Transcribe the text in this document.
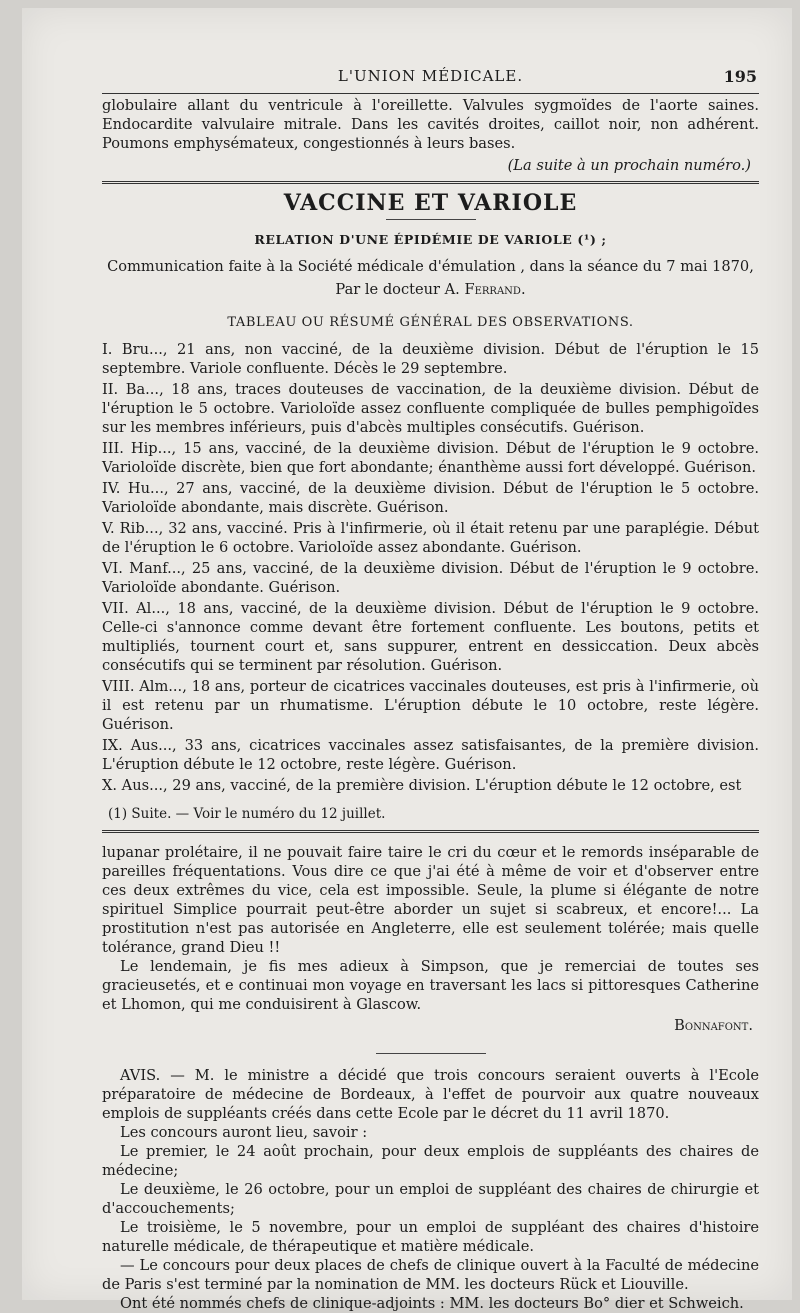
L'UNION MÉDICALE.	195

globulaire allant du ventricule à l'oreillette. Valvules sygmoïdes de l'aorte saines. Endocardite valvulaire mitrale. Dans les cavités droites, caillot noir, non adhérent. Poumons emphysémateux, congestionnés à leurs bases.

(La suite à un prochain numéro.)

VACCINE ET VARIOLE
RELATION D'UNE ÉPIDÉMIE DE VARIOLE (¹) ;
Communication faite à la Société médicale d'émulation , dans la séance du 7 mai 1870,
Par le docteur A. Ferrand.
TABLEAU OU RÉSUMÉ GÉNÉRAL DES OBSERVATIONS.

I. Bru..., 21 ans, non vacciné, de la deuxième division. Début de l'éruption le 15 septembre. Variole confluente. Décès le 29 septembre.

II. Ba..., 18 ans, traces douteuses de vaccination, de la deuxième division. Début de l'éruption le 5 octobre. Varioloïde assez confluente compliquée de bulles pemphigoïdes sur les membres inférieurs, puis d'abcès multiples consécutifs. Guérison.

III. Hip..., 15 ans, vacciné, de la deuxième division. Début de l'éruption le 9 octobre. Varioloïde discrète, bien que fort abondante; énanthème aussi fort développé. Guérison.

IV. Hu..., 27 ans, vacciné, de la deuxième division. Début de l'éruption le 5 octobre. Varioloïde abondante, mais discrète. Guérison.

V. Rib..., 32 ans, vacciné. Pris à l'infirmerie, où il était retenu par une paraplégie. Début de l'éruption le 6 octobre. Varioloïde assez abondante. Guérison.

VI. Manf..., 25 ans, vacciné, de la deuxième division. Début de l'éruption le 9 octobre. Varioloïde abondante. Guérison.

VII. Al..., 18 ans, vacciné, de la deuxième division. Début de l'éruption le 9 octobre. Celle-ci s'annonce comme devant être fortement confluente. Les boutons, petits et multipliés, tournent court et, sans suppurer, entrent en dessiccation. Deux abcès consécutifs qui se terminent par résolution. Guérison.

VIII. Alm..., 18 ans, porteur de cicatrices vaccinales douteuses, est pris à l'infirmerie, où il est retenu par un rhumatisme. L'éruption débute le 10 octobre, reste légère. Guérison.

IX. Aus..., 33 ans, cicatrices vaccinales assez satisfaisantes, de la première division. L'éruption débute le 12 octobre, reste légère. Guérison.

X. Aus..., 29 ans, vacciné, de la première division. L'éruption débute le 12 octobre, est

(1) Suite. — Voir le numéro du 12 juillet.

lupanar prolétaire, il ne pouvait faire taire le cri du cœur et le remords inséparable de pareilles fréquentations. Vous dire ce que j'ai été à même de voir et d'observer entre ces deux extrêmes du vice, cela est impossible. Seule, la plume si élégante de notre spirituel Simplice pourrait peut-être aborder un sujet si scabreux, et encore!... La prostitution n'est pas autorisée en Angleterre, elle est seulement tolérée; mais quelle tolérance, grand Dieu !!

Le lendemain, je fis mes adieux à Simpson, que je remerciai de toutes ses gracieusetés, et e continuai mon voyage en traversant les lacs si pittoresques Catherine et Lhomon, qui me conduisirent à Glascow.

Bonnafont.

AVIS. — M. le ministre a décidé que trois concours seraient ouverts à l'Ecole préparatoire de médecine de Bordeaux, à l'effet de pourvoir aux quatre nouveaux emplois de suppléants créés dans cette Ecole par le décret du 11 avril 1870.

Les concours auront lieu, savoir :

Le premier, le 24 août prochain, pour deux emplois de suppléants des chaires de médecine;

Le deuxième, le 26 octobre, pour un emploi de suppléant des chaires de chirurgie et d'accouchements;

Le troisième, le 5 novembre, pour un emploi de suppléant des chaires d'histoire naturelle médicale, de thérapeutique et matière médicale.

— Le concours pour deux places de chefs de clinique ouvert à la Faculté de médecine de Paris s'est terminé par la nomination de MM. les docteurs Rück et Liouville.

Ont été nommés chefs de clinique-adjoints : MM. les docteurs Bo° dier et Schweich.
